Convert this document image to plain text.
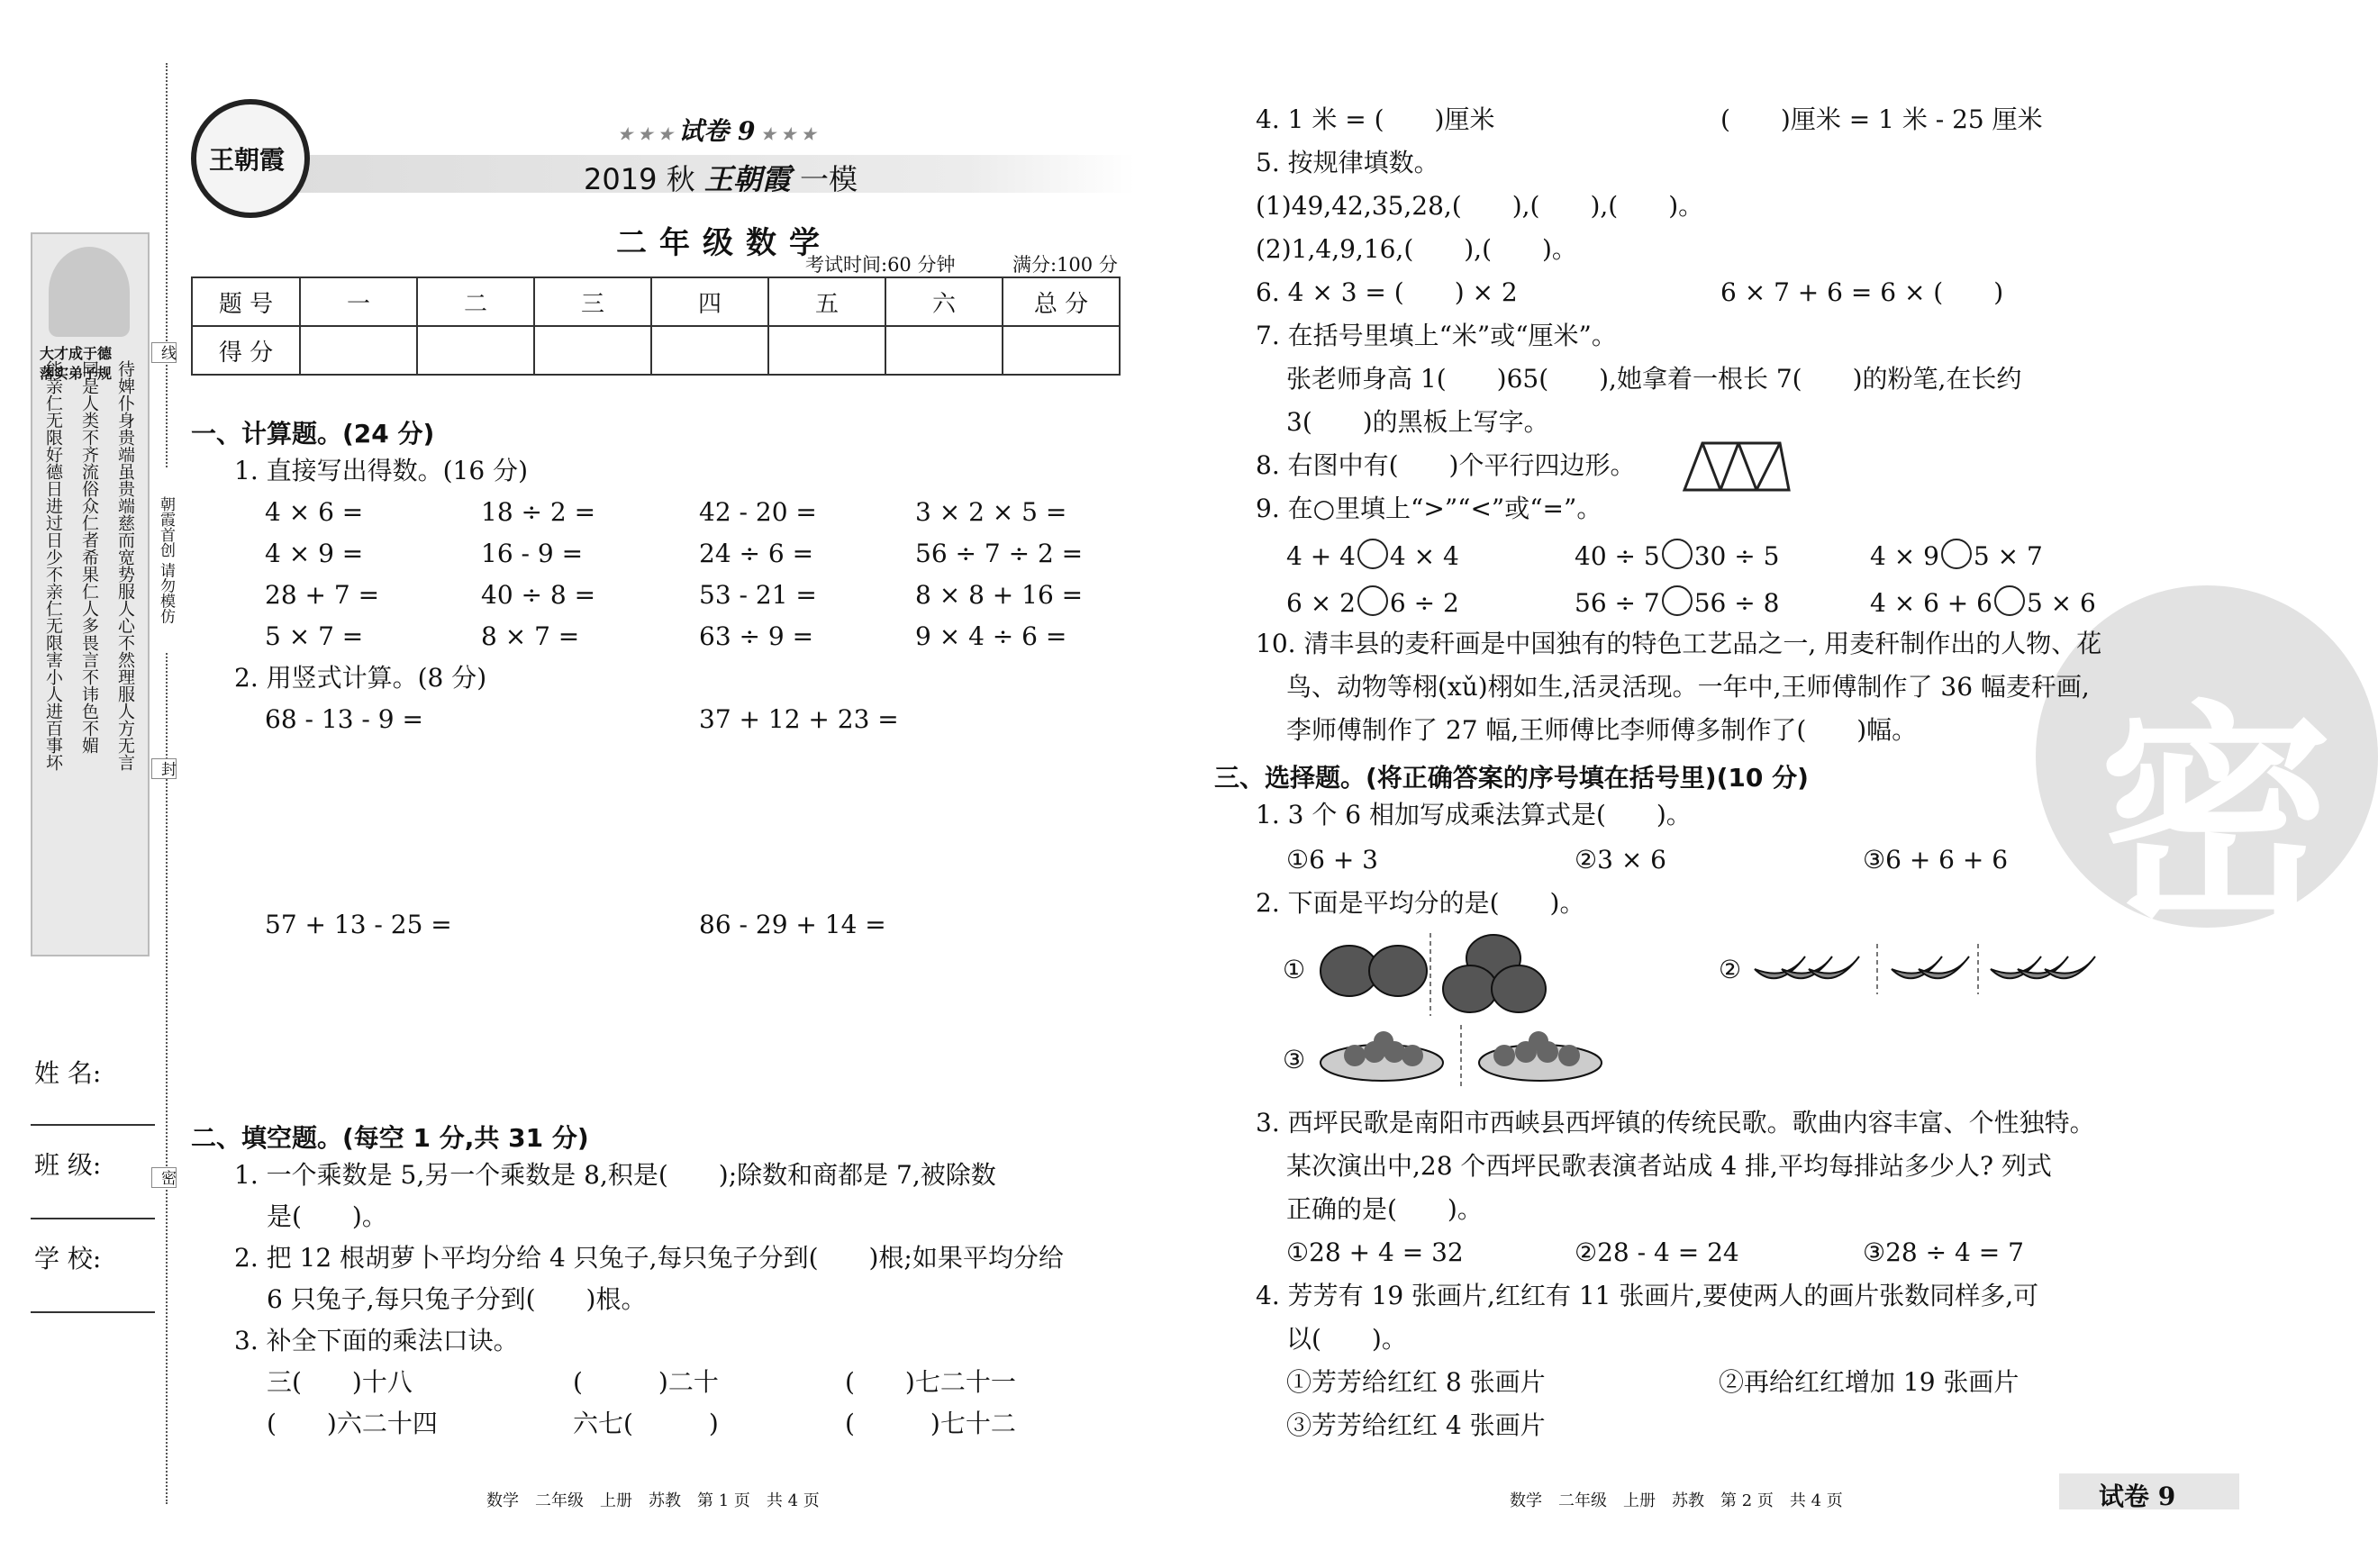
大才成于德
落实弟子规
能亲仁无限好德日进过日少不亲仁无限害小人进百事坏 同是人类不齐流俗众仁者希果仁人多畏言不讳色不媚 待婢仆身贵端虽贵端慈而宽势服人心不然理服人方无言
线
朝霞首创 请勿模仿
封
密
姓 名:
班 级:
学 校:
王朝霞
★ ★ ★ 试卷 9 ★ ★ ★
2019 秋 王朝霞 一模
二年级数学
考试时间:60 分钟	满分:100 分
题 号	一	二	三	四	五	六	总 分
得 分							
一、计算题。(24 分)
1. 直接写出得数。(16 分)
4 × 6 =	18 ÷ 2 =	42 - 20 =	3 × 2 × 5 =
4 × 9 =	16 - 9 =	24 ÷ 6 =	56 ÷ 7 ÷ 2 =
28 + 7 =	40 ÷ 8 =	53 - 21 =	8 × 8 + 16 =
5 × 7 =	8 × 7 =	63 ÷ 9 =	9 × 4 ÷ 6 =
2. 用竖式计算。(8 分)
68 - 13 - 9 =	37 + 12 + 23 =
57 + 13 - 25 =	86 - 29 + 14 =
二、填空题。(每空 1 分,共 31 分)
1. 一个乘数是 5,另一个乘数是 8,积是(　　);除数和商都是 7,被除数
是(　　)。
2. 把 12 根胡萝卜平均分给 4 只兔子,每只兔子分到(　　)根;如果平均分给
6 只兔子,每只兔子分到(　　)根。
3. 补全下面的乘法口诀。
三(　　)十八	(　　　)二十	(　　)七二十一
(　　)六二十四	六七(　　　)	(　　　)七十二
数学　二年级　上册　苏教　第 1 页　共 4 页
密
4. 1 米 = (　　)厘米	(　　)厘米 = 1 米 - 25 厘米
5. 按规律填数。
(1)49,42,35,28,(　　),(　　),(　　)。
(2)1,4,9,16,(　　),(　　)。
6. 4 × 3 = (　　) × 2	6 × 7 + 6 = 6 × (　　)
7. 在括号里填上“米”或“厘米”。
张老师身高 1(　　)65(　　),她拿着一根长 7(　　)的粉笔,在长约
3(　　)的黑板上写字。
8. 右图中有(　　)个平行四边形。
9. 在○里填上“>”“<”或“=”。
4 + 4 4 × 4	40 ÷ 5 30 ÷ 5	4 × 9 5 × 7
6 × 2 6 ÷ 2	56 ÷ 7 56 ÷ 8	4 × 6 + 6 5 × 6
10. 清丰县的麦秆画是中国独有的特色工艺品之一, 用麦秆制作出的人物、花
鸟、动物等栩(xǔ)栩如生,活灵活现。一年中,王师傅制作了 36 幅麦秆画,
李师傅制作了 27 幅,王师傅比李师傅多制作了(　　)幅。
三、选择题。(将正确答案的序号填在括号里)(10 分)
1. 3 个 6 相加写成乘法算式是(　　)。
①6 + 3	②3 × 6	③6 + 6 + 6
2. 下面是平均分的是(　　)。
①	②
③
3. 西坪民歌是南阳市西峡县西坪镇的传统民歌。歌曲内容丰富、个性独特。
某次演出中,28 个西坪民歌表演者站成 4 排,平均每排站多少人? 列式
正确的是(　　)。
①28 + 4 = 32	②28 - 4 = 24	③28 ÷ 4 = 7
4. 芳芳有 19 张画片,红红有 11 张画片,要使两人的画片张数同样多,可
以(　　)。
①芳芳给红红 8 张画片	②再给红红增加 19 张画片
③芳芳给红红 4 张画片
数学　二年级　上册　苏教　第 2 页　共 4 页	试卷 9
